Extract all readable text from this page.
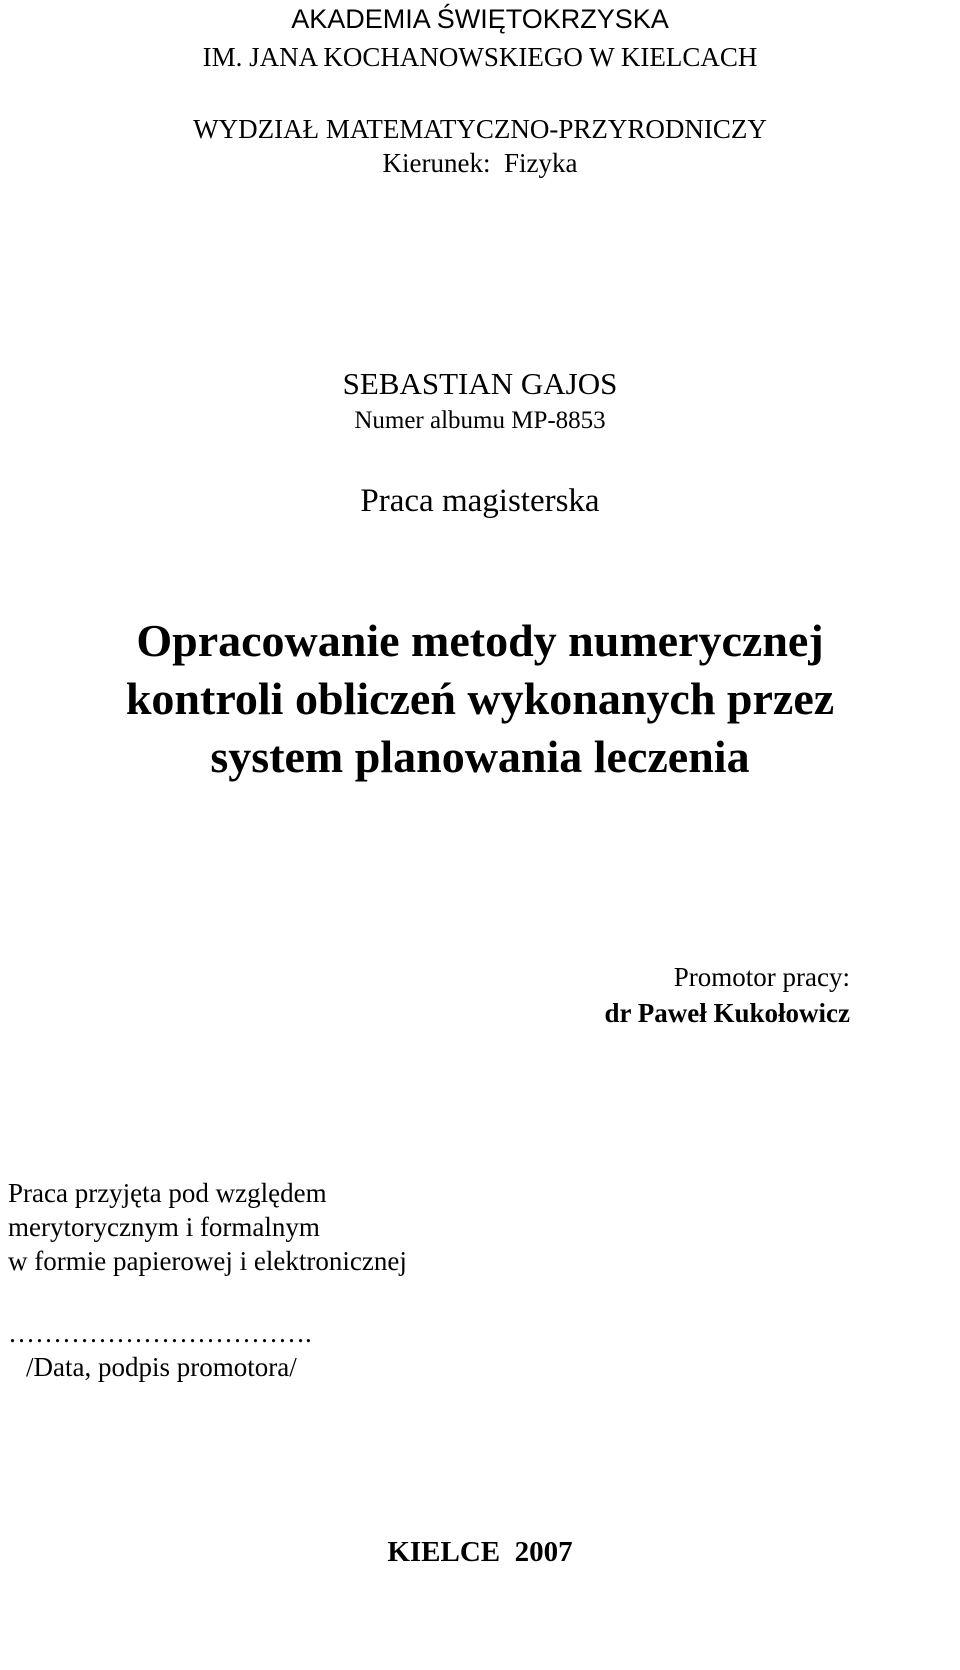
AKADEMIA ŚWIĘTOKRZYSKA
IM. JANA KOCHANOWSKIEGO W KIELCACH
WYDZIAŁ MATEMATYCZNO-PRZYRODNICZY
Kierunek:  Fizyka
SEBASTIAN GAJOS
Numer albumu MP-8853
Praca magisterska
Opracowanie metody numerycznej
kontroli obliczeń wykonanych przez
system planowania leczenia
Promotor pracy:
dr Paweł Kukołowicz
Praca przyjęta pod względem
merytorycznym i formalnym
w formie papierowej i elektronicznej
…………………………….
/Data, podpis promotora/
KIELCE  2007
